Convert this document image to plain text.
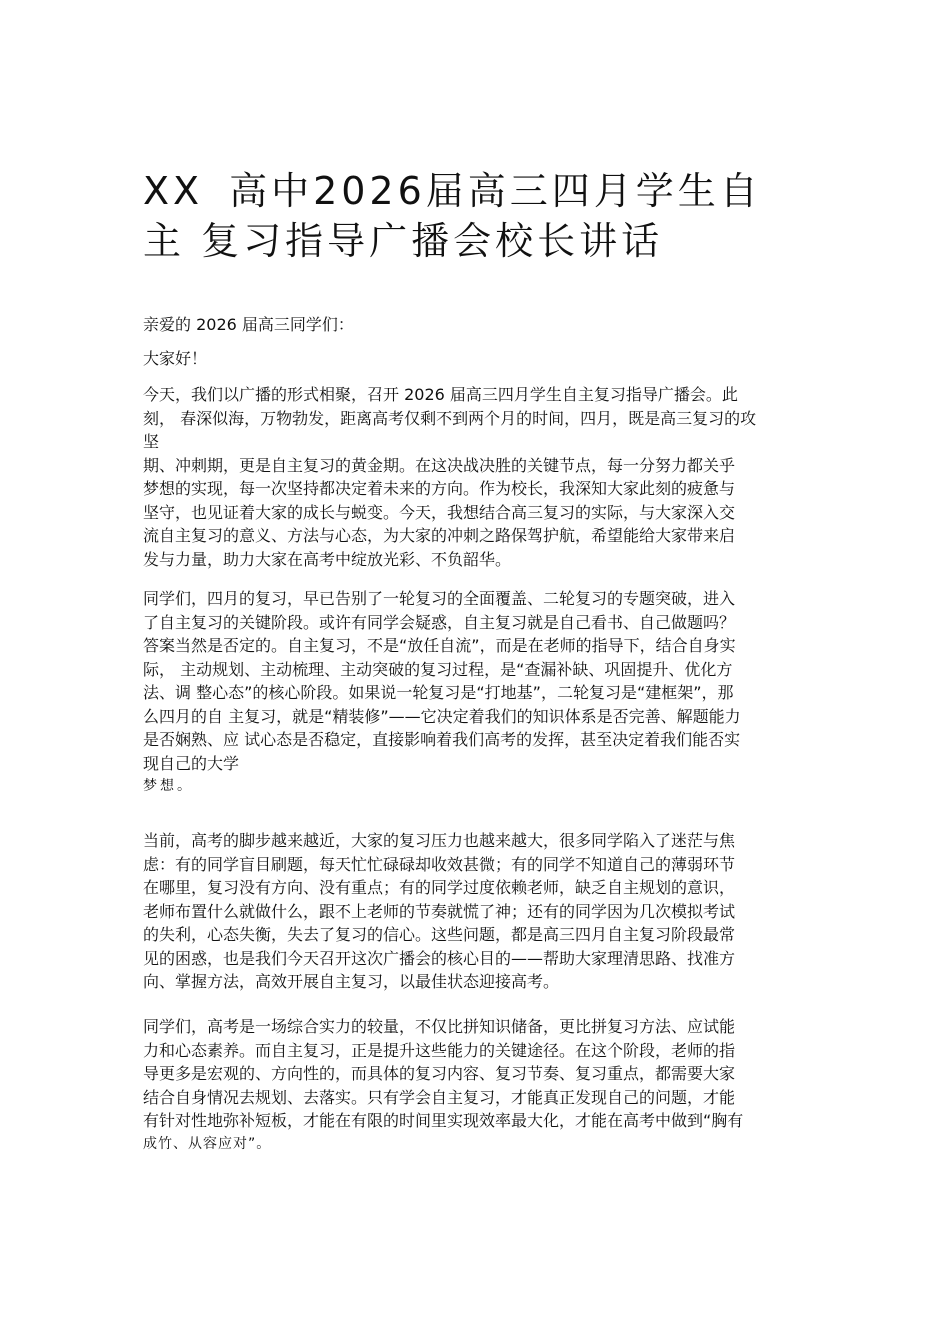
XX 高中2026届高三四月学生自
主 复习指导广播会校长讲话

亲爱的 2026 届高三同学们：

大家好！

今天，我们以广播的形式相聚，召开 2026 届高三四月学生自主复习指导广播会。此
刻， 春深似海，万物勃发，距离高考仅剩不到两个月的时间，四月，既是高三复习的攻
坚
期、冲刺期，更是自主复习的黄金期。在这决战决胜的关键节点，每一分努力都关乎
梦想的实现，每一次坚持都决定着未来的方向。作为校长，我深知大家此刻的疲惫与
坚守，也见证着大家的成长与蜕变。今天，我想结合高三复习的实际，与大家深入交
流自主复习的意义、方法与心态，为大家的冲刺之路保驾护航，希望能给大家带来启
发与力量，助力大家在高考中绽放光彩、不负韶华。
同学们，四月的复习，早已告别了一轮复习的全面覆盖、二轮复习的专题突破，进入
了自主复习的关键阶段。或许有同学会疑惑，自主复习就是自己看书、自己做题吗？
答案当然是否定的。自主复习，不是“放任自流”，而是在老师的指导下，结合自身实
际， 主动规划、主动梳理、主动突破的复习过程，是“查漏补缺、巩固提升、优化方
法、调 整心态”的核心阶段。如果说一轮复习是“打地基”，二轮复习是“建框架”，那
么四月的自 主复习，就是“精装修”——它决定着我们的知识体系是否完善、解题能力
是否娴熟、应 试心态是否稳定，直接影响着我们高考的发挥，甚至决定着我们能否实
现自己的大学
梦想。
当前，高考的脚步越来越近，大家的复习压力也越来越大，很多同学陷入了迷茫与焦
虑：有的同学盲目刷题，每天忙忙碌碌却收效甚微；有的同学不知道自己的薄弱环节
在哪里，复习没有方向、没有重点；有的同学过度依赖老师，缺乏自主规划的意识，
老师布置什么就做什么，跟不上老师的节奏就慌了神；还有的同学因为几次模拟考试
的失利，心态失衡，失去了复习的信心。这些问题，都是高三四月自主复习阶段最常
见的困惑，也是我们今天召开这次广播会的核心目的——帮助大家理清思路、找准方
向、掌握方法，高效开展自主复习，以最佳状态迎接高考。
同学们，高考是一场综合实力的较量，不仅比拼知识储备，更比拼复习方法、应试能
力和心态素养。而自主复习，正是提升这些能力的关键途径。在这个阶段，老师的指
导更多是宏观的、方向性的，而具体的复习内容、复习节奏、复习重点，都需要大家
结合自身情况去规划、去落实。只有学会自主复习，才能真正发现自己的问题，才能
有针对性地弥补短板，才能在有限的时间里实现效率最大化，才能在高考中做到“胸有
成竹、从容应对”。
